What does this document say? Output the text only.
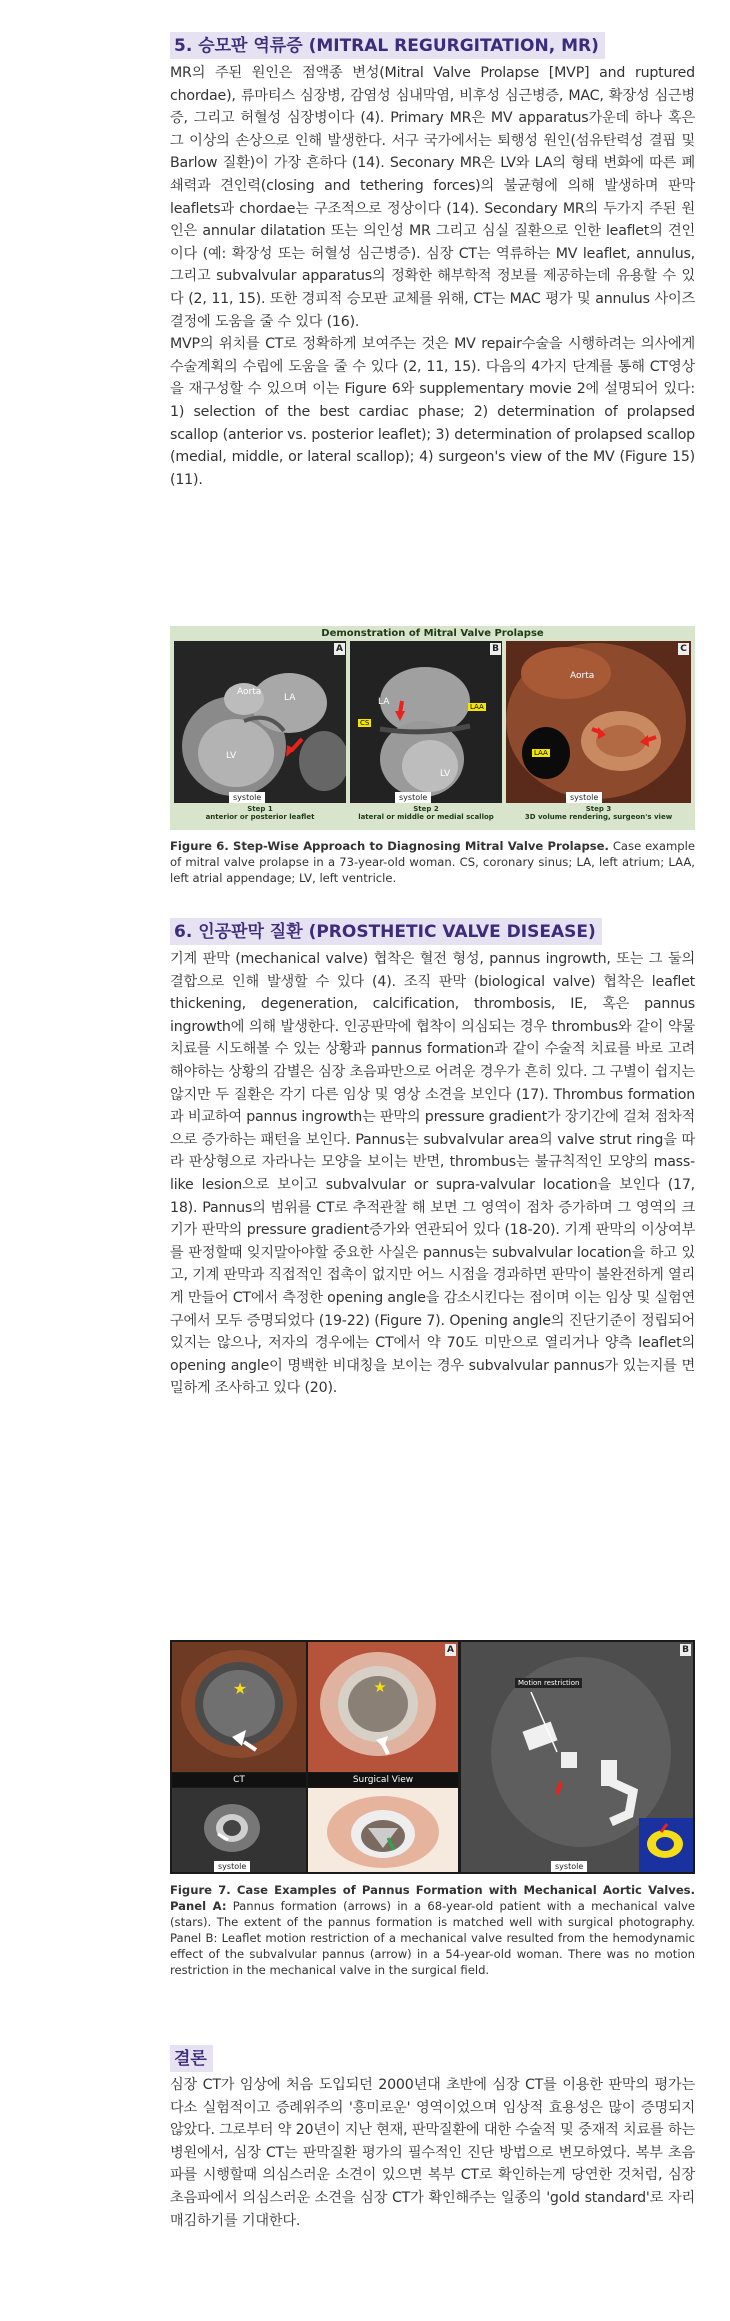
5. 승모판 역류증 (MITRAL REGURGITATION, MR)

MR의 주된 원인은 점액종 변성(Mitral Valve Prolapse [MVP] and ruptured chordae), 류마티스 심장병, 감염성 심내막염, 비후성 심근병증, MAC, 확장성 심근병증, 그리고 허혈성 심장병이다 (4). Primary MR은 MV apparatus가운데 하나 혹은 그 이상의 손상으로 인해 발생한다. 서구 국가에서는 퇴행성 원인(섬유탄력성 결핍 및 Barlow 질환)이 가장 흔하다 (14). Seconary MR은 LV와 LA의 형태 변화에 따른 폐쇄력과 견인력(closing and tethering forces)의 불균형에 의해 발생하며 판막 leaflets과 chordae는 구조적으로 정상이다 (14). Secondary MR의 두가지 주된 원인은 annular dilatation 또는 의인성 MR 그리고 심실 질환으로 인한 leaflet의 견인이다 (예: 확장성 또는 허혈성 심근병증). 심장 CT는 역류하는 MV leaflet, annulus, 그리고 subvalvular apparatus의 정확한 해부학적 정보를 제공하는데 유용할 수 있다 (2, 11, 15). 또한 경피적 승모판 교체를 위해, CT는 MAC 평가 및 annulus 사이즈 결정에 도움을 줄 수 있다 (16).

MVP의 위치를 CT로 정확하게 보여주는 것은 MV repair수술을 시행하려는 의사에게 수술계획의 수립에 도움을 줄 수 있다 (2, 11, 15). 다음의 4가지 단계를 통해 CT영상을 재구성할 수 있으며 이는 Figure 6와 supplementary movie 2에 설명되어 있다: 1) selection of the best cardiac phase; 2) determination of prolapsed scallop (anterior vs. posterior leaflet); 3) determination of prolapsed scallop (medial, middle, or lateral scallop); 4) surgeon's view of the MV (Figure 15) (11).

Demonstration of Mitral Valve Prolapse
A
Aorta
LA
LV
systole
Step 1
anterior or posterior leaflet
B
LA
CS
LAA
LV
systole
Step 2
lateral or middle or medial scallop
C
Aorta
LAA
systole
Step 3
3D volume rendering, surgeon's view

Figure 6. Step-Wise Approach to Diagnosing Mitral Valve Prolapse. Case example of mitral valve prolapse in a 73-year-old woman. CS, coronary sinus; LA, left atrium; LAA, left atrial appendage; LV, left ventricle.

6. 인공판막 질환 (PROSTHETIC VALVE DISEASE)

기계 판막 (mechanical valve) 협착은 혈전 형성, pannus ingrowth, 또는 그 둘의 결합으로 인해 발생할 수 있다 (4). 조직 판막 (biological valve) 협착은 leaflet thickening, degeneration, calcification, thrombosis, IE, 혹은 pannus ingrowth에 의해 발생한다. 인공판막에 협착이 의심되는 경우 thrombus와 같이 약물치료를 시도해볼 수 있는 상황과 pannus formation과 같이 수술적 치료를 바로 고려해야하는 상황의 감별은 심장 초음파만으로 어려운 경우가 흔히 있다. 그 구별이 쉽지는 않지만 두 질환은 각기 다른 임상 및 영상 소견을 보인다 (17). Thrombus formation과 비교하여 pannus ingrowth는 판막의 pressure gradient가 장기간에 걸쳐 점차적으로 증가하는 패턴을 보인다. Pannus는 subvalvular area의 valve strut ring을 따라 판상형으로 자라나는 모양을 보이는 반면, thrombus는 불규칙적인 모양의 mass-like lesion으로 보이고 subvalvular or supra-valvular location을 보인다 (17, 18). Pannus의 범위를 CT로 추적관찰 해 보면 그 영역이 점차 증가하며 그 영역의 크기가 판막의 pressure gradient증가와 연관되어 있다 (18-20). 기계 판막의 이상여부를 판정할때 잊지말아야할 중요한 사실은 pannus는 subvalvular location을 하고 있고, 기계 판막과 직접적인 접촉이 없지만 어느 시점을 경과하면 판막이 불완전하게 열리게 만들어 CT에서 측정한 opening angle을 감소시킨다는 점이며 이는 임상 및 실험연구에서 모두 증명되었다 (19-22) (Figure 7). Opening angle의 진단기준이 정립되어 있지는 않으나, 저자의 경우에는 CT에서 약 70도 미만으로 열리거나 양측 leaflet의 opening angle이 명백한 비대칭을 보이는 경우 subvalvular pannus가 있는지를 면밀하게 조사하고 있다 (20).

★
CT
systole
★
A
Surgical View
B
Motion restriction
systole

Figure 7. Case Examples of Pannus Formation with Mechanical Aortic Valves. Panel A: Pannus formation (arrows) in a 68-year-old patient with a mechanical valve (stars). The extent of the pannus formation is matched well with surgical photography. Panel B: Leaflet motion restriction of a mechanical valve resulted from the hemodynamic effect of the subvalvular pannus (arrow) in a 54-year-old woman. There was no motion restriction in the mechanical valve in the surgical field.

결론

심장 CT가 임상에 처음 도입되던 2000년대 초반에 심장 CT를 이용한 판막의 평가는 다소 실험적이고 증례위주의 '흥미로운' 영역이었으며 임상적 효용성은 많이 증명되지 않았다. 그로부터 약 20년이 지난 현재, 판막질환에 대한 수술적 및 중재적 치료를 하는 병원에서, 심장 CT는 판막질환 평가의 필수적인 진단 방법으로 변모하였다. 복부 초음파를 시행할때 의심스러운 소견이 있으면 복부 CT로 확인하는게 당연한 것처럼, 심장 초음파에서 의심스러운 소견을 심장 CT가 확인해주는 일종의 'gold standard'로 자리매김하기를 기대한다.
